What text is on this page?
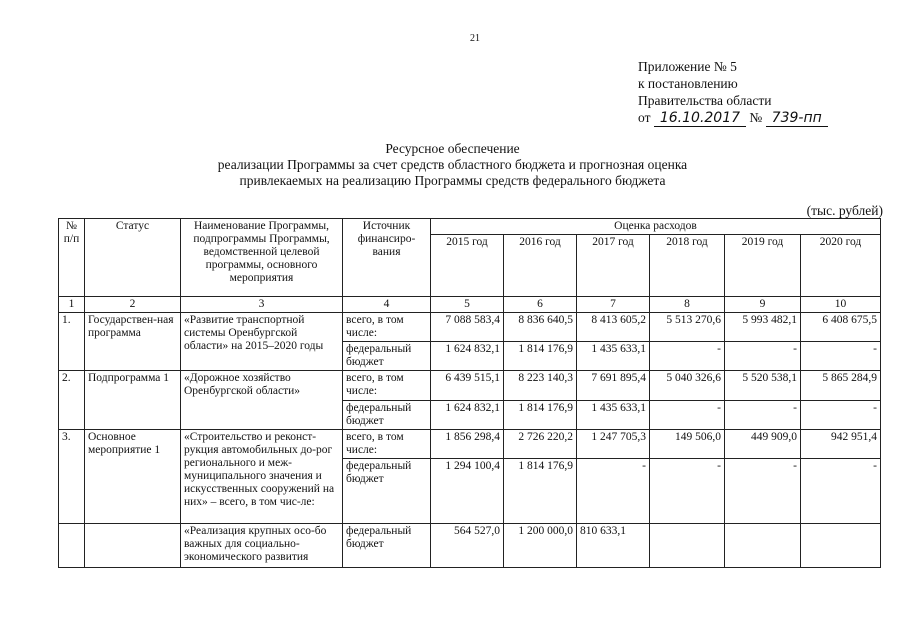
21
Приложение № 5
к постановлению
Правительства области
от 16.10.2017 № 739-пп
Ресурсное обеспечение
реализации Программы за счет средств областного бюджета и прогнозная оценка
привлекаемых на реализацию Программы средств федерального бюджета
(тыс. рублей)
№ п/п	Статус	Наименование Программы, подпрограммы Программы, ведомственной целевой программы, основного мероприятия	Источник финансиро-вания	Оценка расходов					
				2015 год	2016 год	2017 год	2018 год	2019 год	2020 год
1	2	3	4	5	6	7	8	9	10
1.	Государствен-ная программа	«Развитие транспортной системы Оренбургской области» на 2015–2020 годы	всего, в том числе:	7 088 583,4	8 836 640,5	8 413 605,2	5 513 270,6	5 993 482,1	6 408 675,5
			федеральный бюджет	1 624 832,1	1 814 176,9	1 435 633,1	-	-	-
2.	Подпрограмма 1	«Дорожное хозяйство Оренбургской области»	всего, в том числе:	6 439 515,1	8 223 140,3	7 691 895,4	5 040 326,6	5 520 538,1	5 865 284,9
			федеральный бюджет	1 624 832,1	1 814 176,9	1 435 633,1	-	-	-
3.	Основное мероприятие 1	«Строительство и реконст-рукция автомобильных до-рог регионального и меж-муниципального значения и искусственных сооружений на них» – всего, в том чис-ле:	всего, в том числе:	1 856 298,4	2 726 220,2	1 247 705,3	149 506,0	449 909,0	942 951,4
			федеральный бюджет	1 294 100,4	1 814 176,9	-	-	-	-
		«Реализация крупных осо-бо важных для социально-экономического развития	федеральный бюджет	564 527,0	1 200 000,0	810 633,1			
